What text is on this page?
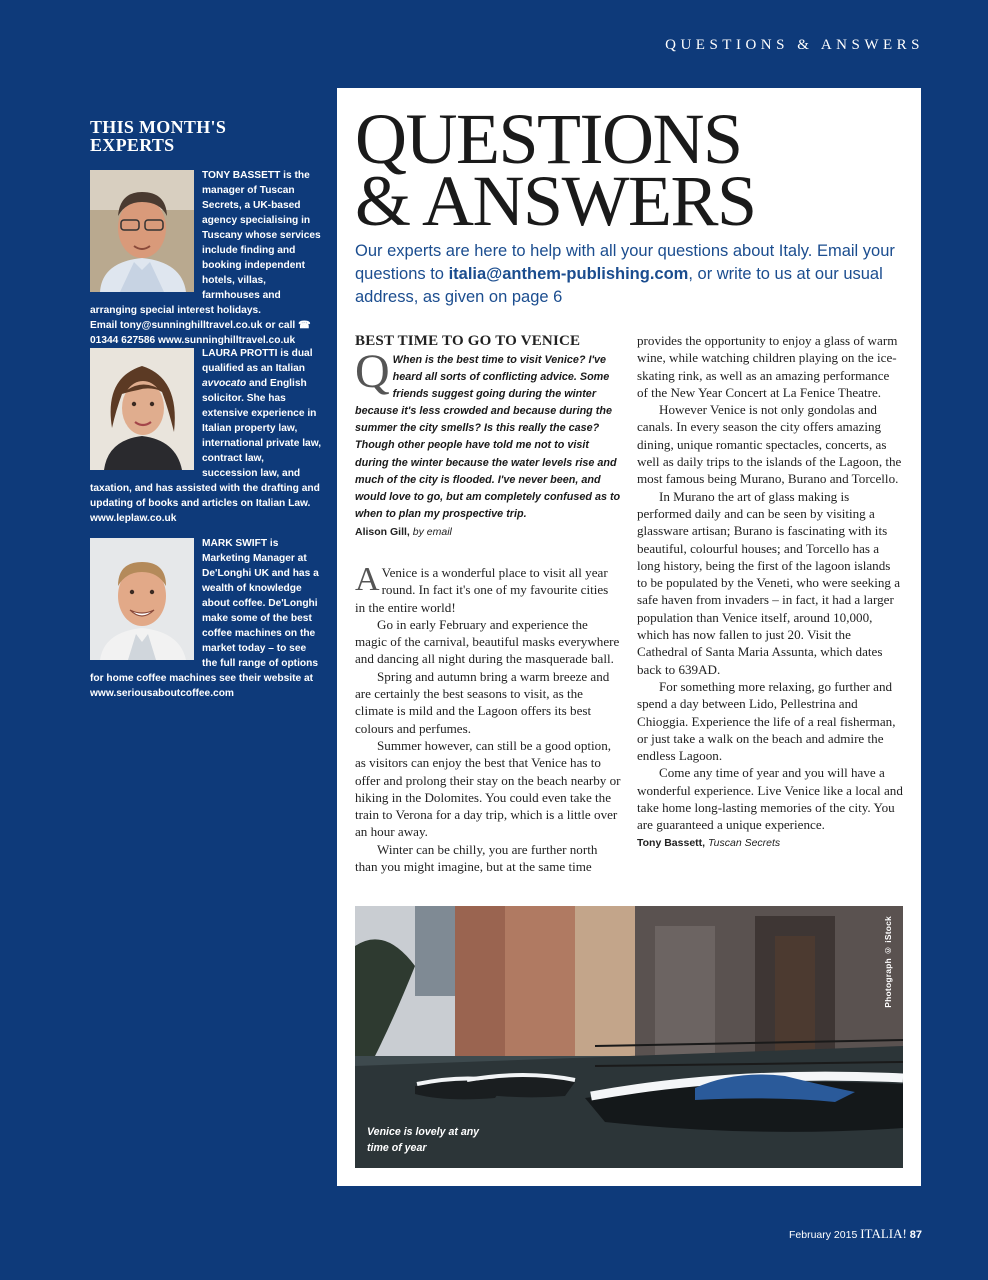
QUESTIONS & ANSWERS
THIS MONTH'S EXPERTS

TONY BASSETT is the manager of Tuscan Secrets, a UK-based agency specialising in Tuscany whose services include finding and booking independent hotels, villas, farmhouses and arranging special interest holidays.

Email tony@sunninghilltravel.co.uk or call ☎ 01344 627586 www.sunninghilltravel.co.uk

LAURA PROTTI is dual qualified as an Italian avvocato and English solicitor. She has extensive experience in Italian property law, international private law, contract law, succession law, and taxation, and has assisted with the drafting and updating of books and articles on Italian Law. www.leplaw.co.uk

MARK SWIFT is Marketing Manager at De'Longhi UK and has a wealth of knowledge about coffee. De'Longhi make some of the best coffee machines on the market today – to see the full range of options for home coffee machines see their website at www.seriousaboutcoffee.com

QUESTIONS
& ANSWERS

Our experts are here to help with all your questions about Italy. Email your questions to italia@anthem-publishing.com, or write to us at our usual address, as given on page 6

BEST TIME TO GO TO VENICE
Q When is the best time to visit Venice? I've heard all sorts of conflicting advice. Some friends suggest going during the winter because it's less crowded and because during the summer the city smells? Is this really the case? Though other people have told me not to visit during the winter because the water levels rise and much of the city is flooded. I've never been, and would love to go, but am completely confused as to when to plan my prospective trip.
Alison Gill, by email

A Venice is a wonderful place to visit all year round. In fact it's one of my favourite cities in the entire world!

Go in early February and experience the magic of the carnival, beautiful masks everywhere and dancing all night during the masquerade ball.

Spring and autumn bring a warm breeze and are certainly the best seasons to visit, as the climate is mild and the Lagoon offers its best colours and perfumes.

Summer however, can still be a good option, as visitors can enjoy the best that Venice has to offer and prolong their stay on the beach nearby or hiking in the Dolomites. You could even take the train to Verona for a day trip, which is a little over an hour away.

Winter can be chilly, you are further north than you might imagine, but at the same time

provides the opportunity to enjoy a glass of warm wine, while watching children playing on the ice-skating rink, as well as an amazing performance of the New Year Concert at La Fenice Theatre.

However Venice is not only gondolas and canals. In every season the city offers amazing dining, unique romantic spectacles, concerts, as well as daily trips to the islands of the Lagoon, the most famous being Murano, Burano and Torcello.

In Murano the art of glass making is performed daily and can be seen by visiting a glassware artisan; Burano is fascinating with its beautiful, colourful houses; and Torcello has a long history, being the first of the lagoon islands to be populated by the Veneti, who were seeking a safe haven from invaders – in fact, it had a larger population than Venice itself, around 10,000, which has now fallen to just 20. Visit the Cathedral of Santa Maria Assunta, which dates back to 639AD.

For something more relaxing, go further and spend a day between Lido, Pellestrina and Chioggia. Experience the life of a real fisherman, or just take a walk on the beach and admire the endless Lagoon.

Come any time of year and you will have a wonderful experience. Live Venice like a local and take home long-lasting memories of the city. You are guaranteed a unique experience.

Tony Bassett, Tuscan Secrets
Venice is lovely at any time of year
Photograph © iStock
February 2015 ITALIA! 87
